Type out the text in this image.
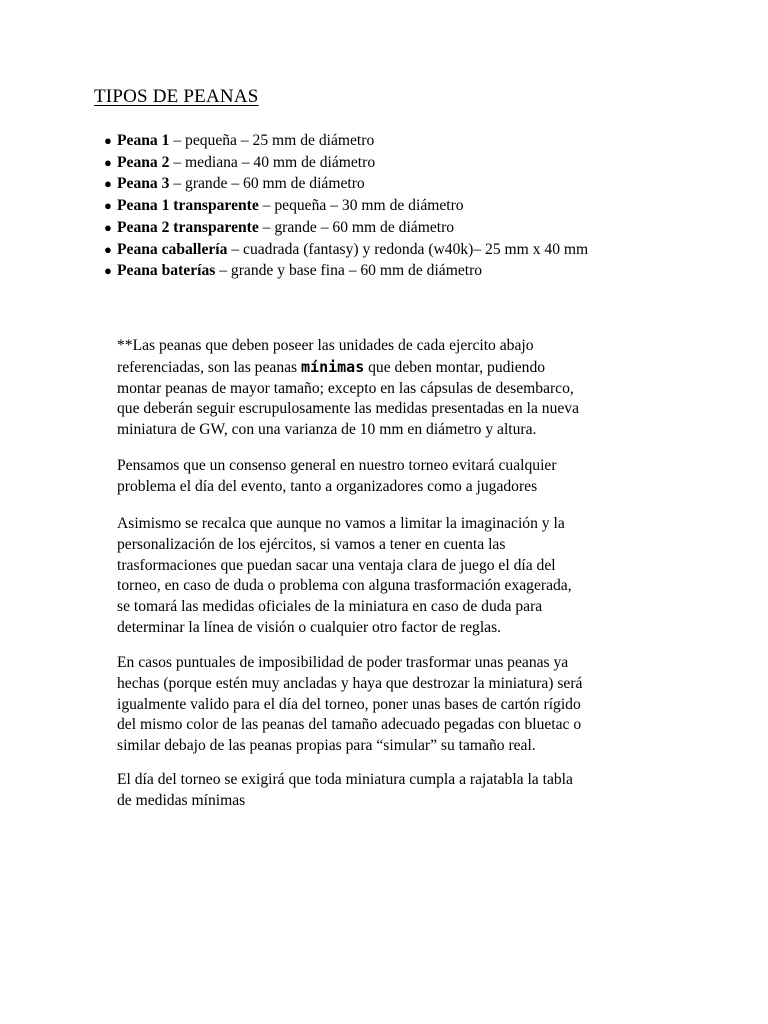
TIPOS DE PEANAS
● Peana 1 – pequeña – 25 mm de diámetro
● Peana 2 – mediana – 40 mm de diámetro
● Peana 3 – grande – 60 mm de diámetro
● Peana 1 transparente – pequeña – 30 mm de diámetro
● Peana 2 transparente – grande – 60 mm de diámetro
● Peana caballería – cuadrada (fantasy) y redonda (w40k)– 25 mm x 40 mm
● Peana baterías – grande y base fina – 60 mm de diámetro
**Las peanas que deben poseer las unidades de cada ejercito abajo
referenciadas, son las peanas mínimas que deben montar, pudiendo
montar peanas de mayor tamaño; excepto en las cápsulas de desembarco,
que deberán seguir escrupulosamente las medidas presentadas en la nueva
miniatura de GW, con una varianza de 10 mm en diámetro y altura.
Pensamos que un consenso general en nuestro torneo evitará cualquier
problema el día del evento, tanto a organizadores como a jugadores
Asimismo se recalca que aunque no vamos a limitar la imaginación y la
personalización de los ejércitos, si vamos a tener en cuenta las
trasformaciones que puedan sacar una ventaja clara de juego el día del
torneo, en caso de duda o problema con alguna trasformación exagerada,
se tomará las medidas oficiales de la miniatura en caso de duda para
determinar la línea de visión o cualquier otro factor de reglas.
En casos puntuales de imposibilidad de poder trasformar unas peanas ya
hechas (porque estén muy ancladas y haya que destrozar la miniatura) será
igualmente valido para el día del torneo, poner unas bases de cartón rígido
del mismo color de las peanas del tamaño adecuado pegadas con bluetac o
similar debajo de las peanas propias para “simular” su tamaño real.
El día del torneo se exigirá que toda miniatura cumpla a rajatabla la tabla
de medidas mínimas
